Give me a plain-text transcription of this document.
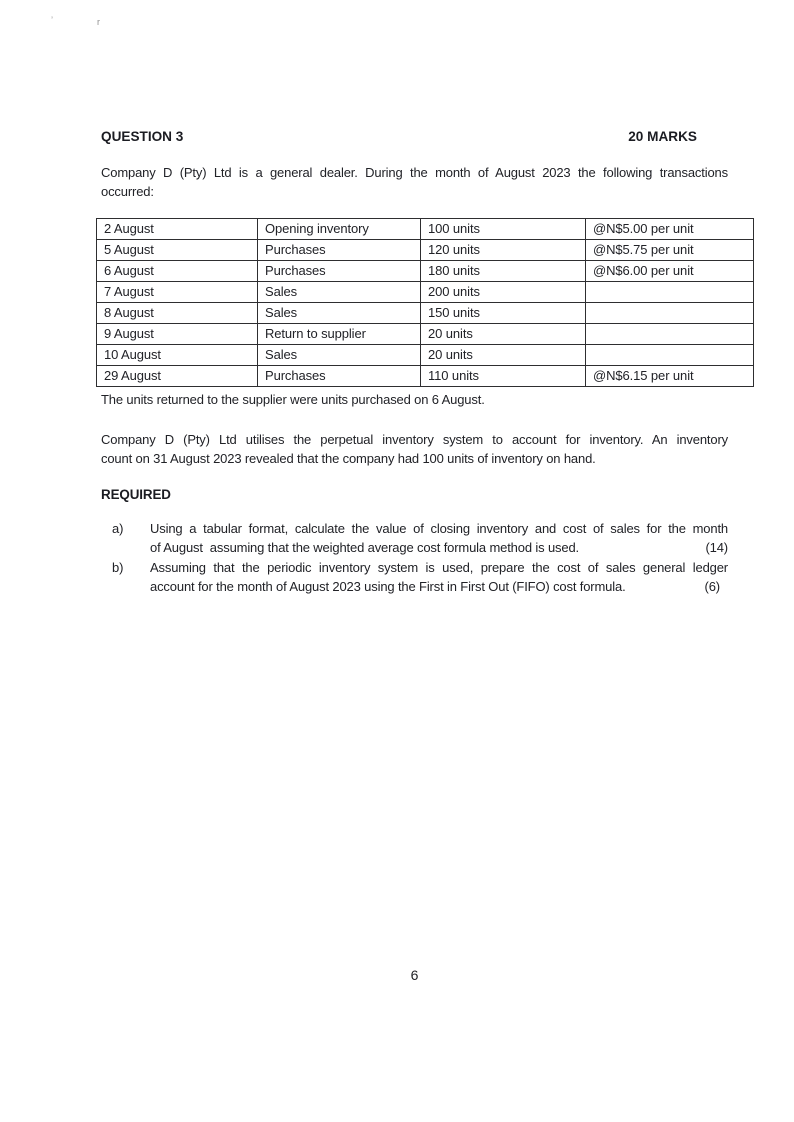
’	r
QUESTION 3	20 MARKS
Company D (Pty) Ltd is a general dealer. During the month of August 2023 the following transactions
occurred:
2 August	Opening inventory	100 units	@N$5.00 per unit
5 August	Purchases	120 units	@N$5.75 per unit
6 August	Purchases	180 units	@N$6.00 per unit
7 August	Sales	200 units	
8 August	Sales	150 units	
9 August	Return to supplier	20 units	
10 August	Sales	20 units	
29 August	Purchases	110 units	@N$6.15 per unit
The units returned to the supplier were units purchased on 6 August.
Company D (Pty) Ltd utilises the perpetual inventory system to account for inventory. An inventory
count on 31 August 2023 revealed that the company had 100 units of inventory on hand.
REQUIRED
a) Using a tabular format, calculate the value of closing inventory and cost of sales for the month
of August  assuming that the weighted average cost formula method is used.	(14)
b) Assuming that the periodic inventory system is used, prepare the cost of sales general ledger
account for the month of August 2023 using the First in First Out (FIFO) cost formula.	(6)
6
